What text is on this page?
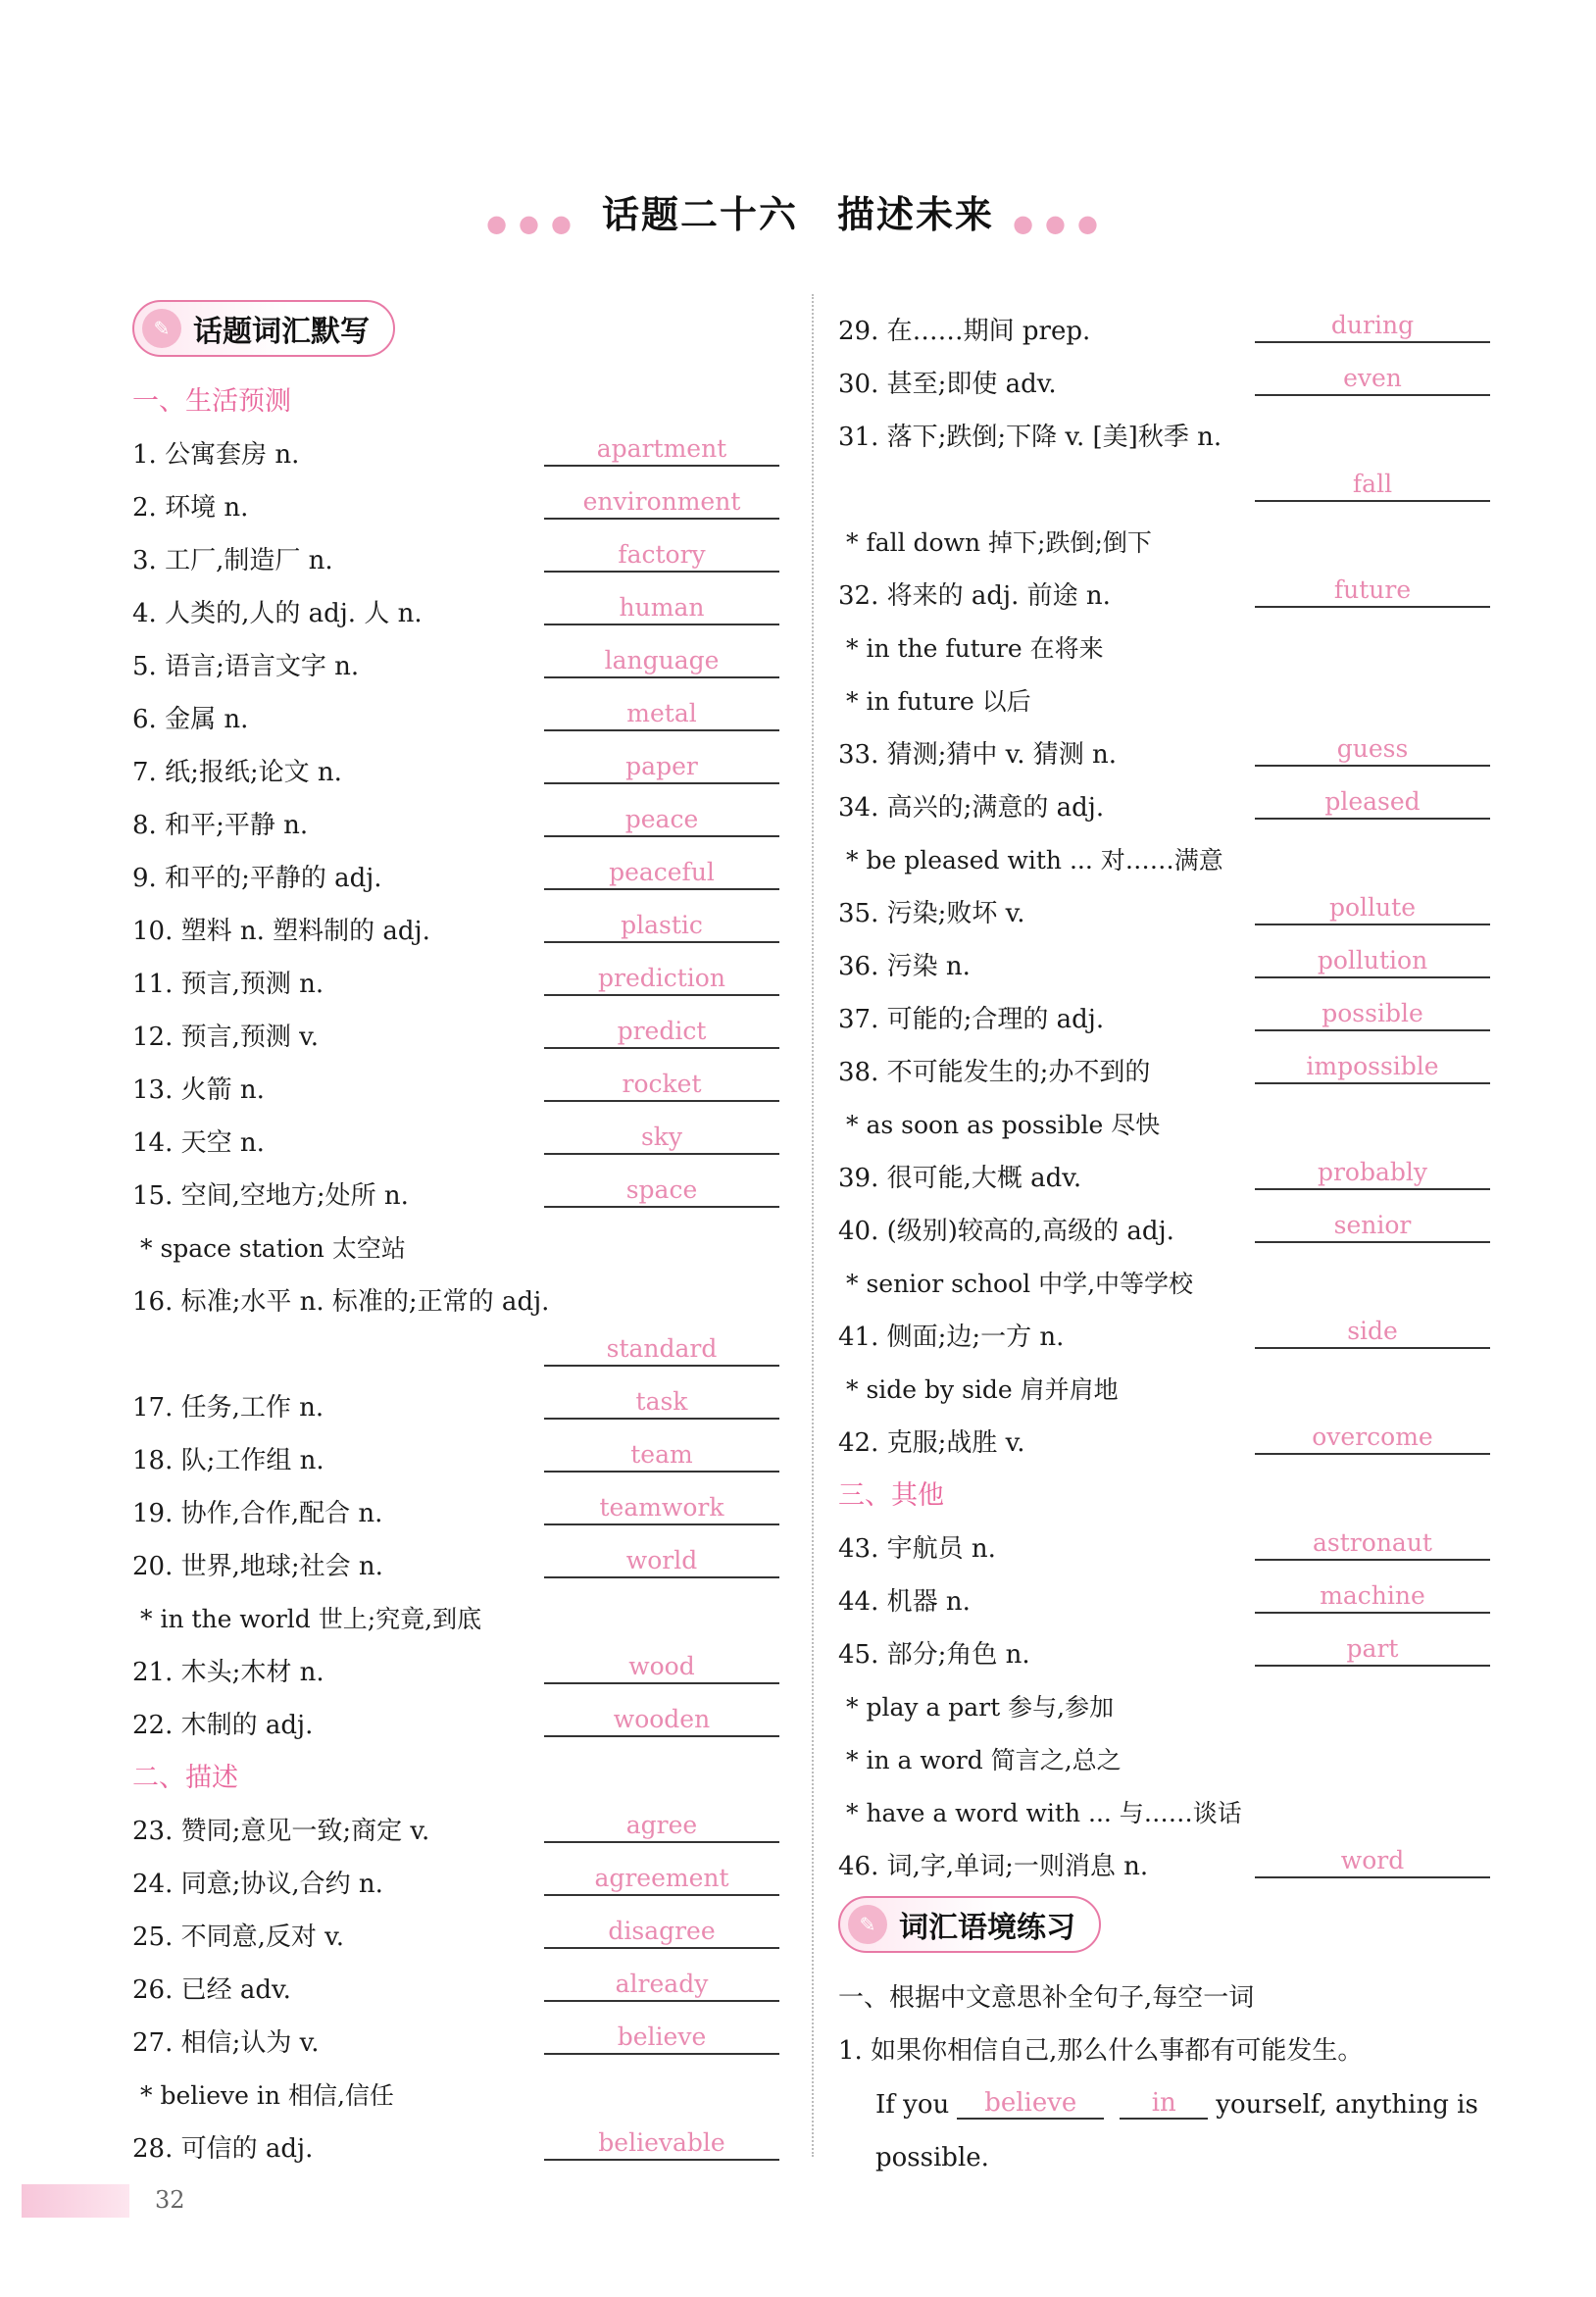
●●● 话题二十六　描述未来 ●●●
✎ 话题词汇默写
一、生活预测
1. 公寓套房 n.	apartment
2. 环境 n.	environment
3. 工厂,制造厂 n.	factory
4. 人类的,人的 adj. 人 n.	human
5. 语言;语言文字 n.	language
6. 金属 n.	metal
7. 纸;报纸;论文 n.	paper
8. 和平;平静 n.	peace
9. 和平的;平静的 adj.	peaceful
10. 塑料 n. 塑料制的 adj.	plastic
11. 预言,预测 n.	prediction
12. 预言,预测 v.	predict
13. 火箭 n.	rocket
14. 天空 n.	sky
15. 空间,空地方;处所 n.	space
* space station 太空站
16. 标准;水平 n. 标准的;正常的 adj.
standard
17. 任务,工作 n.	task
18. 队;工作组 n.	team
19. 协作,合作,配合 n.	teamwork
20. 世界,地球;社会 n.	world
* in the world 世上;究竟,到底
21. 木头;木材 n.	wood
22. 木制的 adj.	wooden
二、描述
23. 赞同;意见一致;商定 v.	agree
24. 同意;协议,合约 n.	agreement
25. 不同意,反对 v.	disagree
26. 已经 adv.	already
27. 相信;认为 v.	believe
* believe in 相信,信任
28. 可信的 adj.	believable
29. 在……期间 prep.	during
30. 甚至;即使 adv.	even
31. 落下;跌倒;下降 v. [美]秋季 n.
fall
* fall down 掉下;跌倒;倒下
32. 将来的 adj. 前途 n.	future
* in the future 在将来
* in future 以后
33. 猜测;猜中 v. 猜测 n.	guess
34. 高兴的;满意的 adj.	pleased
* be pleased with ... 对……满意
35. 污染;败坏 v.	pollute
36. 污染 n.	pollution
37. 可能的;合理的 adj.	possible
38. 不可能发生的;办不到的	impossible
* as soon as possible 尽快
39. 很可能,大概 adv.	probably
40. (级别)较高的,高级的 adj.	senior
* senior school 中学,中等学校
41. 侧面;边;一方 n.	side
* side by side 肩并肩地
42. 克服;战胜 v.	overcome
三、其他
43. 宇航员 n.	astronaut
44. 机器 n.	machine
45. 部分;角色 n.	part
* play a part 参与,参加
* in a word 简言之,总之
* have a word with ... 与……谈话
46. 词,字,单词;一则消息 n.	word
✎ 词汇语境练习
一、根据中文意思补全句子,每空一词
1. 如果你相信自己,那么什么事都有可能发生。
If you	believe	in	yourself, anything is
possible.
32
